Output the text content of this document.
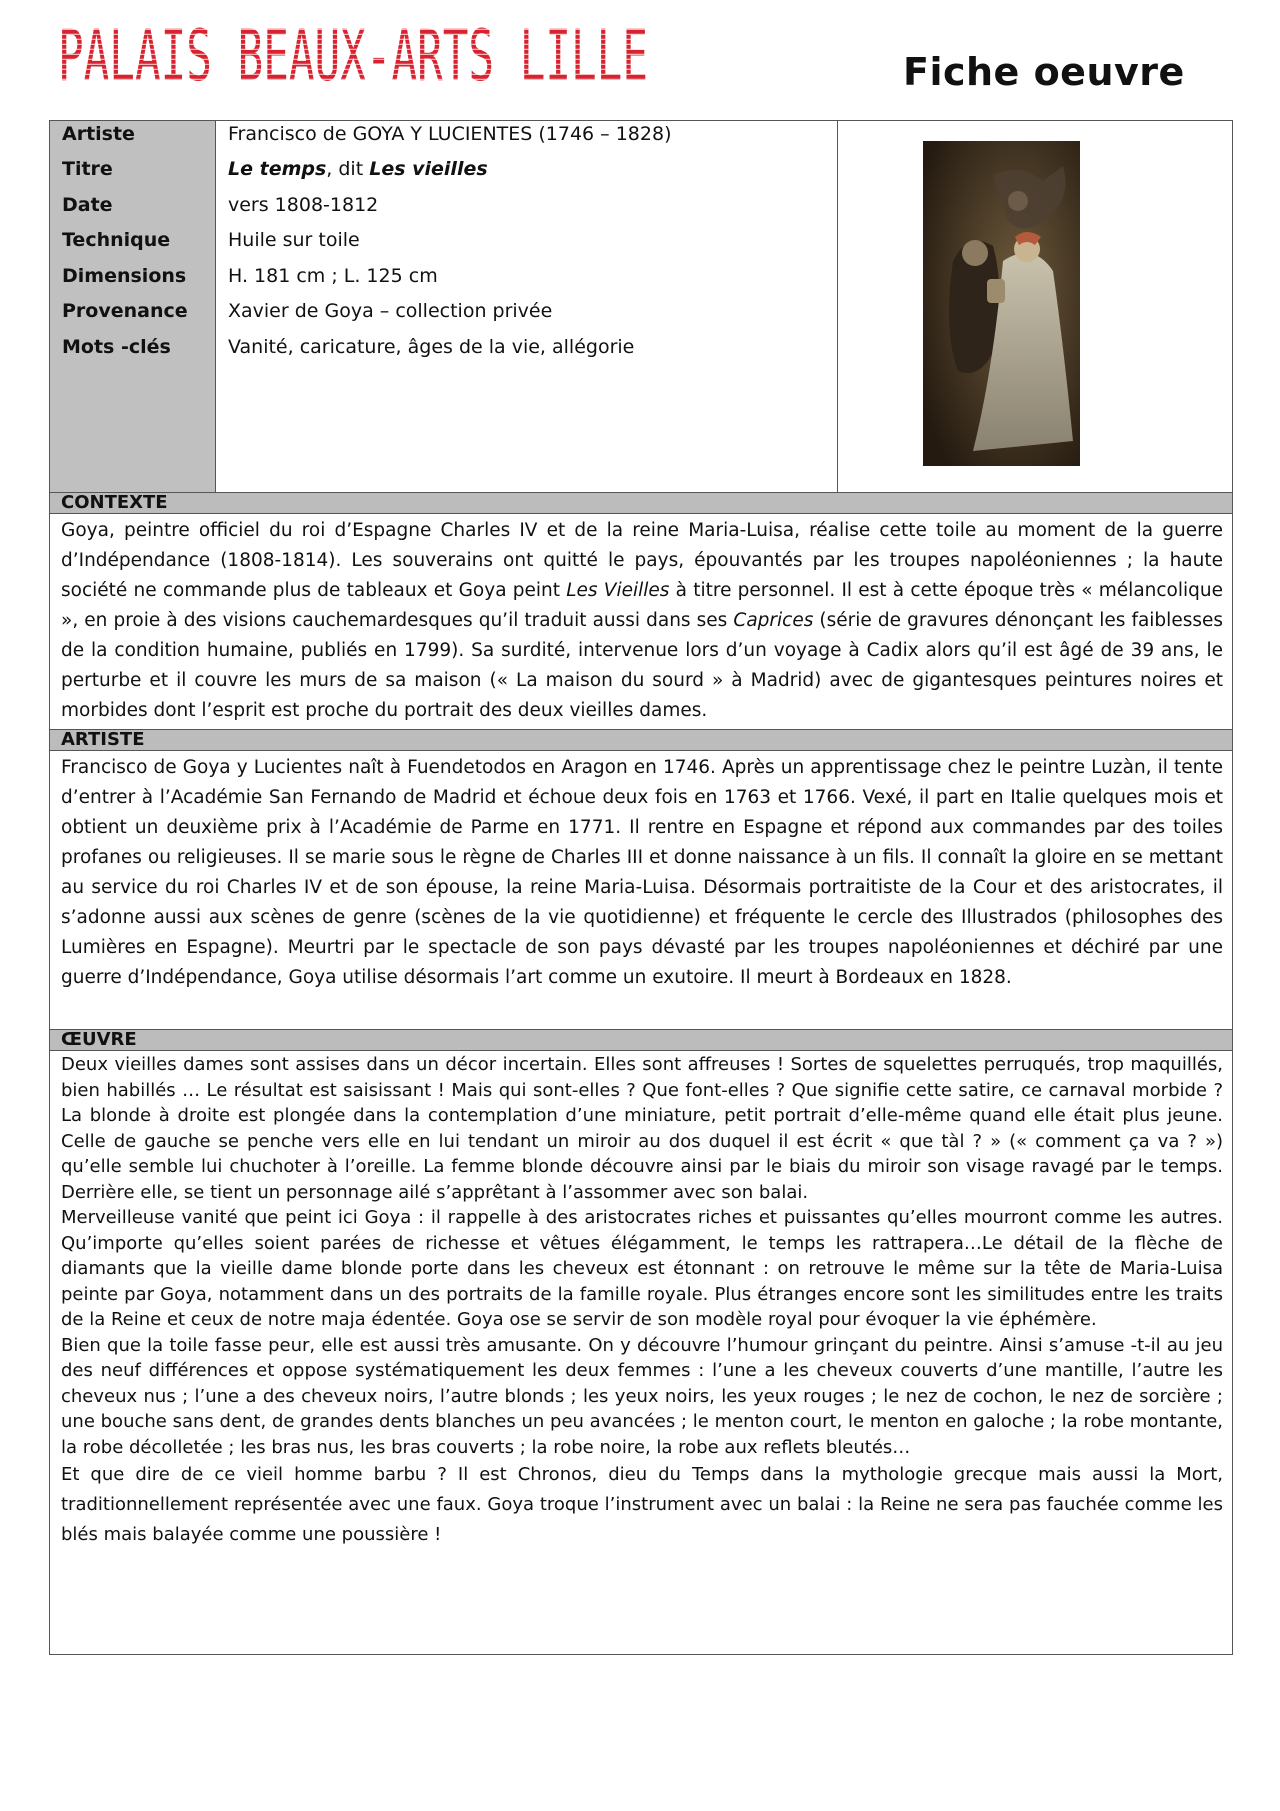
PALAIS BEAUX-ARTS LILLE	Fiche oeuvre
Artiste
Titre
Date
Technique
Dimensions
Provenance
Mots -clés
Francisco de GOYA Y LUCIENTES (1746 – 1828)
Le temps, dit Les vieilles
vers 1808-1812
Huile sur toile
H. 181 cm ; L. 125 cm
Xavier de Goya – collection privée
Vanité, caricature, âges de la vie, allégorie
CONTEXTE
Goya, peintre officiel du roi d’Espagne Charles IV et de la reine Maria-Luisa, réalise cette toile au moment de la guerre d’Indépendance (1808-1814). Les souverains ont quitté le pays, épouvantés par les troupes napoléoniennes ; la haute société ne commande plus de tableaux et Goya peint Les Vieilles à titre personnel. Il est à cette époque très « mélancolique », en proie à des visions cauchemardesques qu’il traduit aussi dans ses Caprices (série de gravures dénonçant les faiblesses de la condition humaine, publiés en 1799). Sa surdité, intervenue lors d’un voyage à Cadix alors qu’il est âgé de 39 ans, le perturbe et il couvre les murs de sa maison (« La maison du sourd » à Madrid) avec de gigantesques peintures noires et morbides dont l’esprit est proche du portrait des deux vieilles dames.
ARTISTE
Francisco de Goya y Lucientes naît à Fuendetodos en Aragon en 1746. Après un apprentissage chez le peintre Luzàn, il tente d’entrer à l’Académie San Fernando de Madrid et échoue deux fois en 1763 et 1766. Vexé, il part en Italie quelques mois et obtient un deuxième prix à l’Académie de Parme en 1771. Il rentre en Espagne et répond aux commandes par des toiles profanes ou religieuses. Il se marie sous le règne de Charles III et donne naissance à un fils. Il connaît la gloire en se mettant au service du roi Charles IV et de son épouse, la reine Maria-Luisa. Désormais portraitiste de la Cour et des aristocrates, il s’adonne aussi aux scènes de genre (scènes de la vie quotidienne) et fréquente le cercle des Illustrados (philosophes des Lumières en Espagne). Meurtri par le spectacle de son pays dévasté par les troupes napoléoniennes et déchiré par une guerre d’Indépendance, Goya utilise désormais l’art comme un exutoire. Il meurt à Bordeaux en 1828.
ŒUVRE

Deux vieilles dames sont assises dans un décor incertain. Elles sont affreuses ! Sortes de squelettes perruqués, trop maquillés, bien habillés … Le résultat est saisissant ! Mais qui sont-elles ? Que font-elles ? Que signifie cette satire, ce carnaval morbide ? La blonde à droite est plongée dans la contemplation d’une miniature, petit portrait d’elle-même quand elle était plus jeune. Celle de gauche se penche vers elle en lui tendant un miroir au dos duquel il est écrit « que tàl ? » (« comment ça va ? ») qu’elle semble lui chuchoter à l’oreille. La femme blonde découvre ainsi par le biais du miroir son visage ravagé par le temps. Derrière elle, se tient un personnage ailé s’apprêtant à l’assommer avec son balai.

Merveilleuse vanité que peint ici Goya : il rappelle à des aristocrates riches et puissantes qu’elles mourront comme les autres. Qu’importe qu’elles soient parées de richesse et vêtues élégamment, le temps les rattrapera…Le détail de la flèche de diamants que la vieille dame blonde porte dans les cheveux est étonnant : on retrouve le même sur la tête de Maria-Luisa peinte par Goya, notamment dans un des portraits de la famille royale. Plus étranges encore sont les similitudes entre les traits de la Reine et ceux de notre maja édentée. Goya ose se servir de son modèle royal pour évoquer la vie éphémère.

Bien que la toile fasse peur, elle est aussi très amusante. On y découvre l’humour grinçant du peintre. Ainsi s’amuse -t-il au jeu des neuf différences et oppose systématiquement les deux femmes : l’une a les cheveux couverts d’une mantille, l’autre les cheveux nus ; l’une a des cheveux noirs, l’autre blonds ; les yeux noirs, les yeux rouges ; le nez de cochon, le nez de sorcière ; une bouche sans dent, de grandes dents blanches un peu avancées ; le menton court, le menton en galoche ; la robe montante, la robe décolletée ; les bras nus, les bras couverts ; la robe noire, la robe aux reflets bleutés…

Et que dire de ce vieil homme barbu ? Il est Chronos, dieu du Temps dans la mythologie grecque mais aussi la Mort, traditionnellement représentée avec une faux. Goya troque l’instrument avec un balai : la Reine ne sera pas fauchée comme les blés mais balayée comme une poussière !
